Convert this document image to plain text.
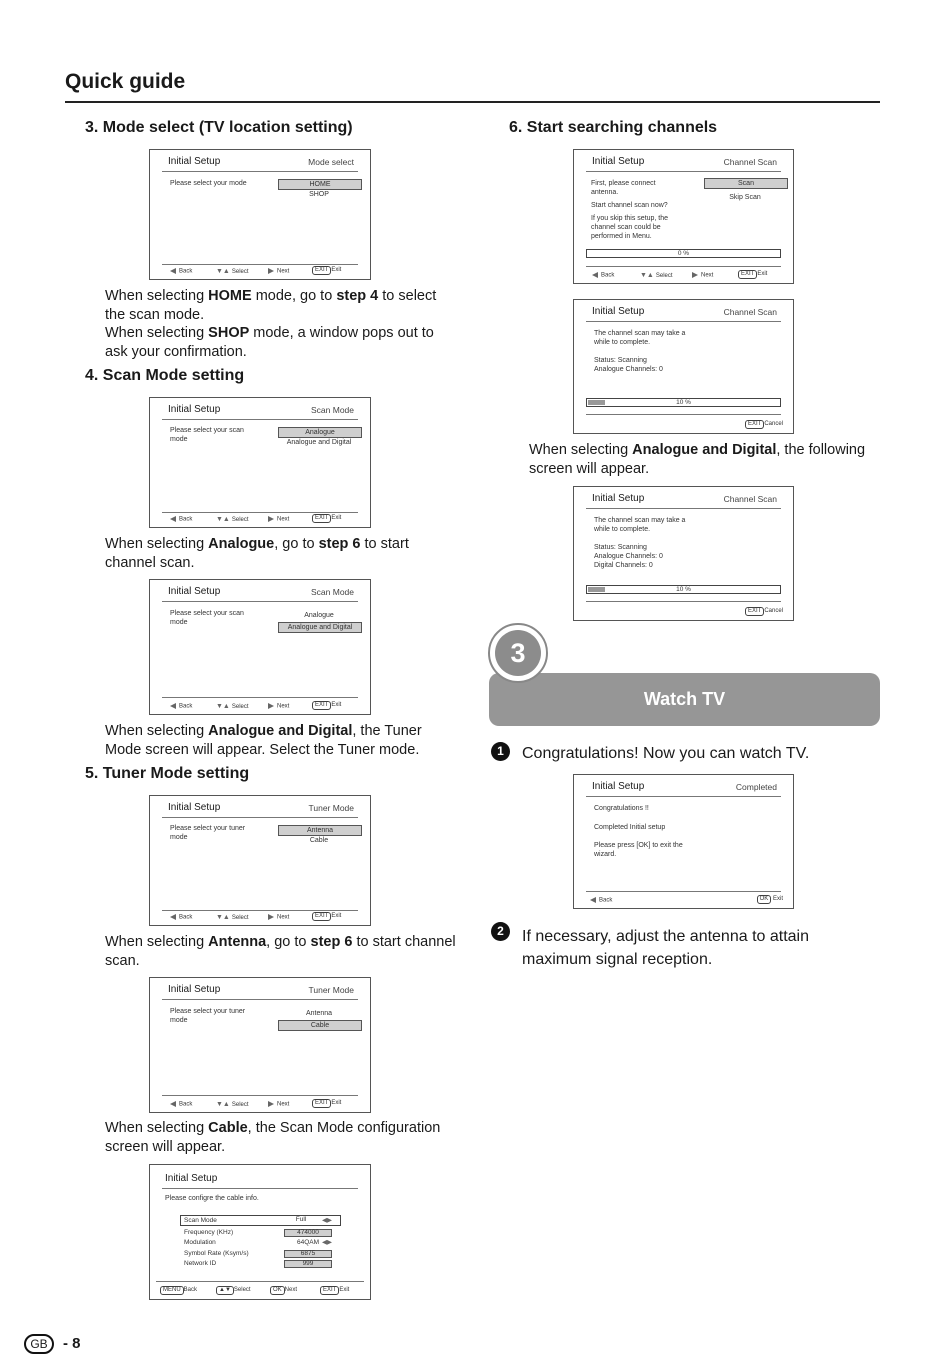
Quick guide
3. Mode select (TV location setting)
Initial Setup	Mode select
Please select your mode	HOME
SHOP
Back	▼▲ Select	Next	EXIT Exit
When selecting HOME mode, go to step 4 to select the scan mode.
When selecting SHOP mode, a window pops out to ask your confirmation.
4. Scan Mode setting
Initial Setup	Scan Mode
Please select your scan mode
Analogue
Analogue and Digital
Back	▼▲ Select	Next	EXIT Exit
When selecting Analogue, go to step 6 to start channel scan.
Initial Setup	Scan Mode
Please select your scan mode
Analogue
Analogue and Digital
Back	▼▲ Select	Next	EXIT Exit
When selecting Analogue and Digital, the Tuner Mode screen will appear. Select the Tuner mode.
5. Tuner Mode setting
Initial Setup	Tuner Mode
Please select your tuner mode
Antenna
Cable
Back	▼▲ Select	Next	EXIT Exit
When selecting Antenna, go to step 6 to start channel scan.
Initial Setup	Tuner Mode
Please select your tuner mode
Antenna
Cable
Back	▼▲ Select	Next	EXIT Exit
When selecting Cable, the Scan Mode configuration screen will appear.
Initial Setup
Please configre the cable info.
Scan Mode	Full	◀▶
Frequency (KHz)	474000
Modulation	64QAM ◀▶
Symbol Rate (Ksym/s)	6875
Network ID	999
MENU Back	▲▼ Select	OK Next	EXIT Exit
6. Start searching channels
Initial Setup	Channel Scan
First, please connect antenna.
Start channel scan now?
If you skip this setup, the channel scan could be performed in Menu.
Scan
Skip Scan
0 %
Back	▼▲ Select	Next	EXIT Exit
Initial Setup	Channel Scan
The channel scan may take a while to complete.
Status: Scanning
Analogue Channels: 0
10 %
EXIT Cancel
When selecting Analogue and Digital, the following screen will appear.
Initial Setup	Channel Scan
The channel scan may take a while to complete.
Status: Scanning
Analogue Channels: 0
Digital Channels: 0
10 %
EXIT Cancel
Watch TV
3
1	Congratulations! Now you can watch TV.
Initial Setup	Completed
Congratulations !!
Completed Initial setup
Please press [OK] to exit the wizard.
Back	OK Exit
2	If necessary, adjust the antenna to attain maximum signal reception.
GB	- 8
